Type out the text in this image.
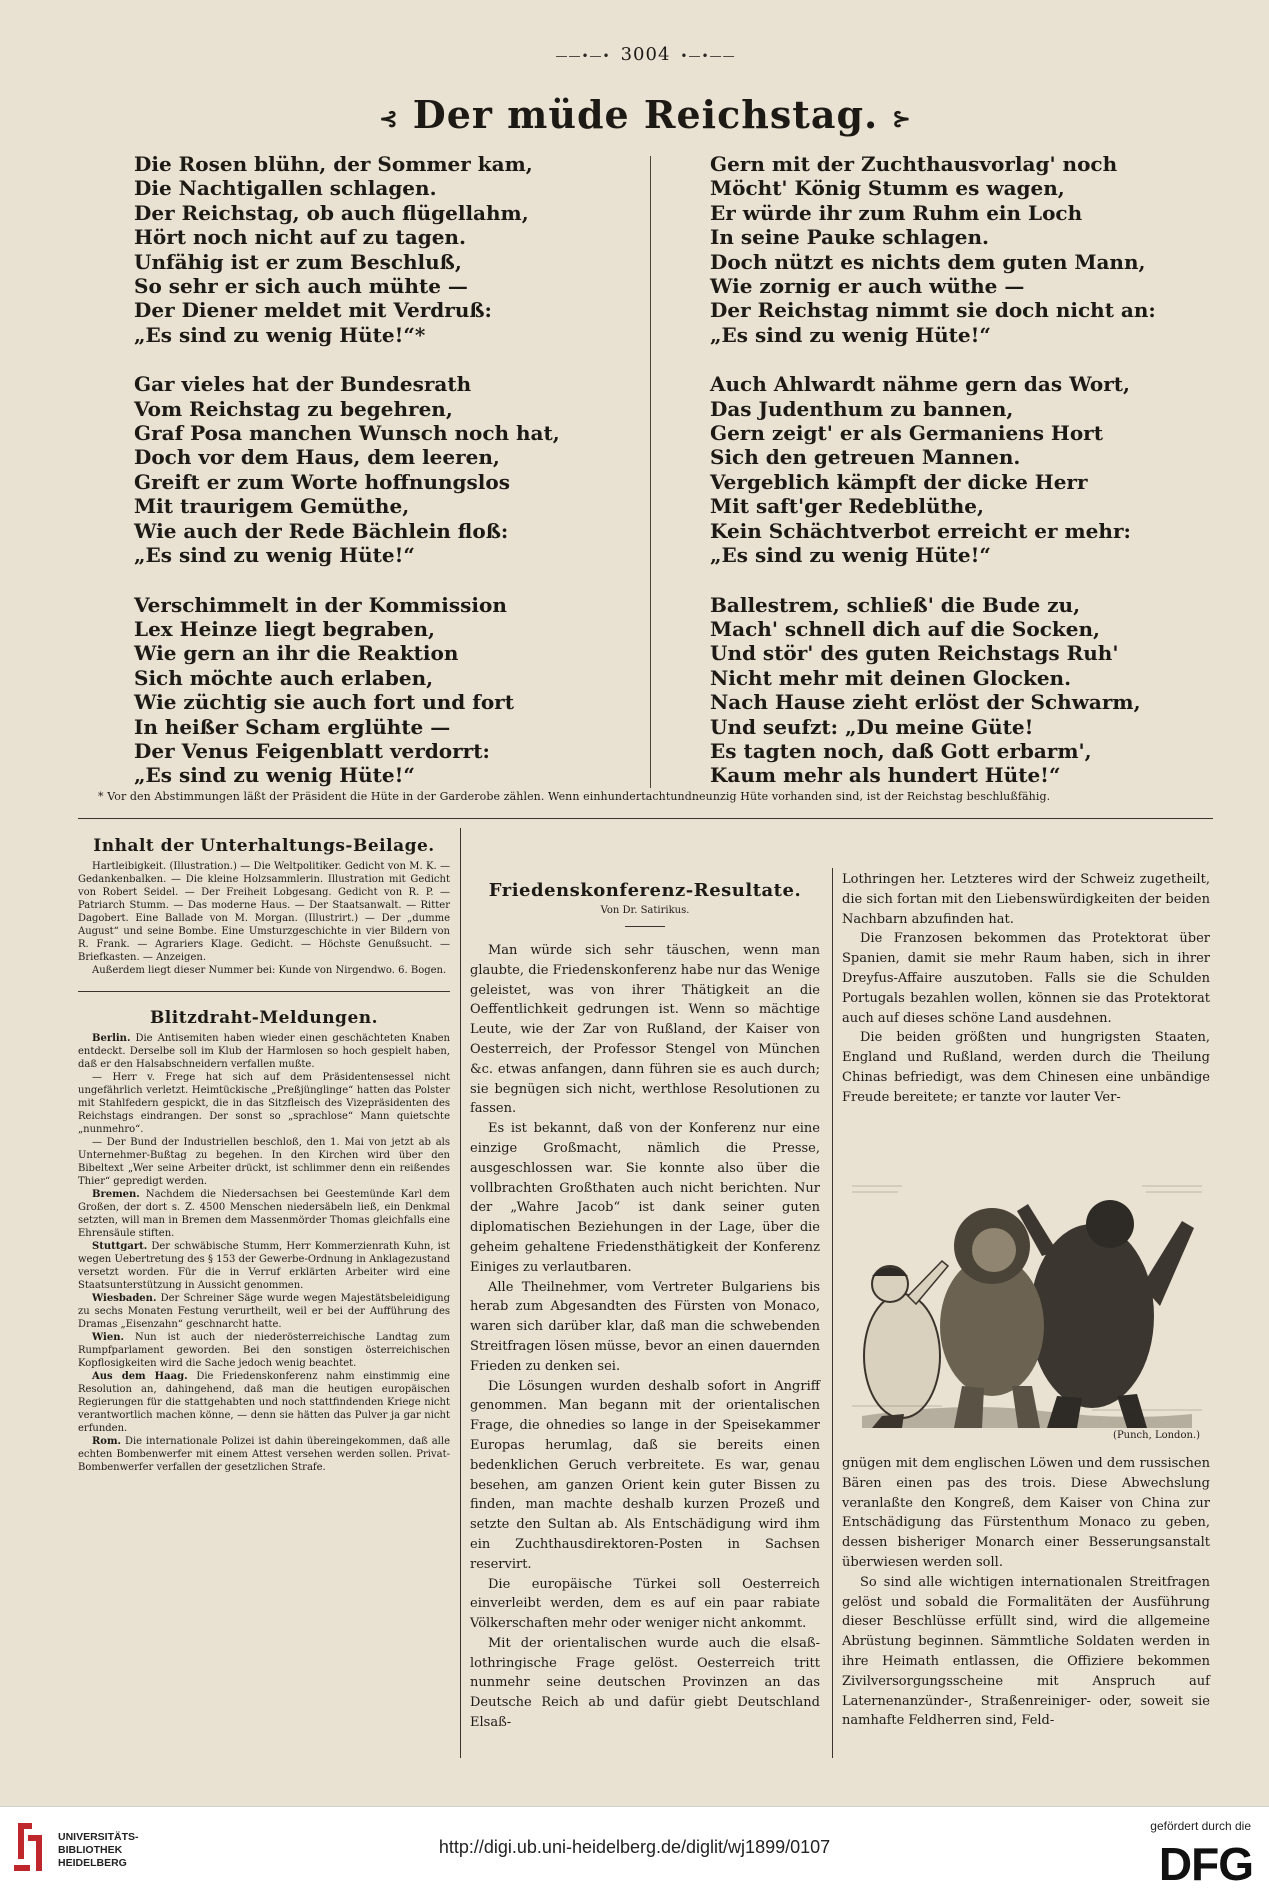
——•—• 3004 •—•——
⊰ Der müde Reichstag. ⊱
Die Rosen blühn, der Sommer kam,
Die Nachtigallen schlagen.
Der Reichstag, ob auch flügellahm,
Hört noch nicht auf zu tagen.
Unfähig ist er zum Beschluß,
So sehr er sich auch mühte —
Der Diener meldet mit Verdruß:
„Es sind zu wenig Hüte!“*
Gar vieles hat der Bundesrath
Vom Reichstag zu begehren,
Graf Posa manchen Wunsch noch hat,
Doch vor dem Haus, dem leeren,
Greift er zum Worte hoffnungslos
Mit traurigem Gemüthe,
Wie auch der Rede Bächlein floß:
„Es sind zu wenig Hüte!“
Verschimmelt in der Kommission
Lex Heinze liegt begraben,
Wie gern an ihr die Reaktion
Sich möchte auch erlaben,
Wie züchtig sie auch fort und fort
In heißer Scham erglühte —
Der Venus Feigenblatt verdorrt:
„Es sind zu wenig Hüte!“
Gern mit der Zuchthausvorlag' noch
Möcht' König Stumm es wagen,
Er würde ihr zum Ruhm ein Loch
In seine Pauke schlagen.
Doch nützt es nichts dem guten Mann,
Wie zornig er auch wüthe —
Der Reichstag nimmt sie doch nicht an:
„Es sind zu wenig Hüte!“
Auch Ahlwardt nähme gern das Wort,
Das Judenthum zu bannen,
Gern zeigt' er als Germaniens Hort
Sich den getreuen Mannen.
Vergeblich kämpft der dicke Herr
Mit saft'ger Redeblüthe,
Kein Schächtverbot erreicht er mehr:
„Es sind zu wenig Hüte!“
Ballestrem, schließ' die Bude zu,
Mach' schnell dich auf die Socken,
Und stör' des guten Reichstags Ruh'
Nicht mehr mit deinen Glocken.
Nach Hause zieht erlöst der Schwarm,
Und seufzt: „Du meine Güte!
Es tagten noch, daß Gott erbarm',
Kaum mehr als hundert Hüte!“
* Vor den Abstimmungen läßt der Präsident die Hüte in der Garderobe zählen. Wenn einhundertachtundneunzig Hüte vorhanden sind, ist der Reichstag beschlußfähig.
Inhalt der Unterhaltungs-Beilage.

Hartleibigkeit. (Illustration.) — Die Weltpolitiker. Gedicht von M. K. — Gedankenbalken. — Die kleine Holzsammlerin. Illustration mit Gedicht von Robert Seidel. — Der Freiheit Lobgesang. Gedicht von R. P. — Patriarch Stumm. — Das moderne Haus. — Der Staatsanwalt. — Ritter Dagobert. Eine Ballade von M. Morgan. (Illustrirt.) — Der „dumme August“ und seine Bombe. Eine Umsturzgeschichte in vier Bildern von R. Frank. — Agrariers Klage. Gedicht. — Höchste Genußsucht. — Briefkasten. — Anzeigen.

Außerdem liegt dieser Nummer bei: Kunde von Nirgendwo. 6. Bogen.

Blitzdraht-Meldungen.

Berlin. Die Antisemiten haben wieder einen geschächteten Knaben entdeckt. Derselbe soll im Klub der Harmlosen so hoch gespielt haben, daß er den Halsabschneidern verfallen mußte.

— Herr v. Frege hat sich auf dem Präsidentensessel nicht ungefährlich verletzt. Heimtückische „Preßjünglinge“ hatten das Polster mit Stahlfedern gespickt, die in das Sitzfleisch des Vizepräsidenten des Reichstags eindrangen. Der sonst so „sprachlose“ Mann quietschte „nunmehro“.

— Der Bund der Industriellen beschloß, den 1. Mai von jetzt ab als Unternehmer-Bußtag zu begehen. In den Kirchen wird über den Bibeltext „Wer seine Arbeiter drückt, ist schlimmer denn ein reißendes Thier“ gepredigt werden.

Bremen. Nachdem die Niedersachsen bei Geestemünde Karl dem Großen, der dort s. Z. 4500 Menschen niedersäbeln ließ, ein Denkmal setzten, will man in Bremen dem Massenmörder Thomas gleichfalls eine Ehrensäule stiften.

Stuttgart. Der schwäbische Stumm, Herr Kommerzienrath Kuhn, ist wegen Uebertretung des § 153 der Gewerbe-Ordnung in Anklagezustand versetzt worden. Für die in Verruf erklärten Arbeiter wird eine Staatsunterstützung in Aussicht genommen.

Wiesbaden. Der Schreiner Säge wurde wegen Majestätsbeleidigung zu sechs Monaten Festung verurtheilt, weil er bei der Aufführung des Dramas „Eisenzahn“ geschnarcht hatte.

Wien. Nun ist auch der niederösterreichische Landtag zum Rumpfparlament geworden. Bei den sonstigen österreichischen Kopflosigkeiten wird die Sache jedoch wenig beachtet.

Aus dem Haag. Die Friedenskonferenz nahm einstimmig eine Resolution an, dahingehend, daß man die heutigen europäischen Regierungen für die stattgehabten und noch stattfindenden Kriege nicht verantwortlich machen könne, — denn sie hätten das Pulver ja gar nicht erfunden.

Rom. Die internationale Polizei ist dahin übereingekommen, daß alle echten Bombenwerfer mit einem Attest versehen werden sollen. Privat-Bombenwerfer verfallen der gesetzlichen Strafe.

Friedenskonferenz-Resultate.
Von Dr. Satirikus.

Man würde sich sehr täuschen, wenn man glaubte, die Friedenskonferenz habe nur das Wenige geleistet, was von ihrer Thätigkeit an die Oeffentlichkeit gedrungen ist. Wenn so mächtige Leute, wie der Zar von Rußland, der Kaiser von Oesterreich, der Professor Stengel von München &c. etwas anfangen, dann führen sie es auch durch; sie begnügen sich nicht, werthlose Resolutionen zu fassen.

Es ist bekannt, daß von der Konferenz nur eine einzige Großmacht, nämlich die Presse, ausgeschlossen war. Sie konnte also über die vollbrachten Großthaten auch nicht berichten. Nur der „Wahre Jacob“ ist dank seiner guten diplomatischen Beziehungen in der Lage, über die geheim gehaltene Friedensthätigkeit der Konferenz Einiges zu verlautbaren.

Alle Theilnehmer, vom Vertreter Bulgariens bis herab zum Abgesandten des Fürsten von Monaco, waren sich darüber klar, daß man die schwebenden Streitfragen lösen müsse, bevor an einen dauernden Frieden zu denken sei.

Die Lösungen wurden deshalb sofort in Angriff genommen. Man begann mit der orientalischen Frage, die ohnedies so lange in der Speisekammer Europas herumlag, daß sie bereits einen bedenklichen Geruch verbreitete. Es war, genau besehen, am ganzen Orient kein guter Bissen zu finden, man machte deshalb kurzen Prozeß und setzte den Sultan ab. Als Entschädigung wird ihm ein Zuchthausdirektoren-Posten in Sachsen reservirt.

Die europäische Türkei soll Oesterreich einverleibt werden, dem es auf ein paar rabiate Völkerschaften mehr oder weniger nicht ankommt.

Mit der orientalischen wurde auch die elsaß-lothringische Frage gelöst. Oesterreich tritt nunmehr seine deutschen Provinzen an das Deutsche Reich ab und dafür giebt Deutschland Elsaß-

Lothringen her. Letzteres wird der Schweiz zugetheilt, die sich fortan mit den Liebenswürdigkeiten der beiden Nachbarn abzufinden hat.

Die Franzosen bekommen das Protektorat über Spanien, damit sie mehr Raum haben, sich in ihrer Dreyfus-Affaire auszutoben. Falls sie die Schulden Portugals bezahlen wollen, können sie das Protektorat auch auf dieses schöne Land ausdehnen.

Die beiden größten und hungrigsten Staaten, England und Rußland, werden durch die Theilung Chinas befriedigt, was dem Chinesen eine unbändige Freude bereitete; er tanzte vor lauter Ver-

(Punch, London.)

gnügen mit dem englischen Löwen und dem russischen Bären einen pas des trois. Diese Abwechslung veranlaßte den Kongreß, dem Kaiser von China zur Entschädigung das Fürstenthum Monaco zu geben, dessen bisheriger Monarch einer Besserungsanstalt überwiesen werden soll.

So sind alle wichtigen internationalen Streitfragen gelöst und sobald die Formalitäten der Ausführung dieser Beschlüsse erfüllt sind, wird die allgemeine Abrüstung beginnen. Sämmtliche Soldaten werden in ihre Heimath entlassen, die Offiziere bekommen Zivilversorgungsscheine mit Anspruch auf Laternenanzünder-, Straßenreiniger- oder, soweit sie namhafte Feldherren sind, Feld-

UNIVERSITÄTS-
BIBLIOTHEK
HEIDELBERG
http://digi.ub.uni-heidelberg.de/diglit/wj1899/0107
gefördert durch die
DFG
